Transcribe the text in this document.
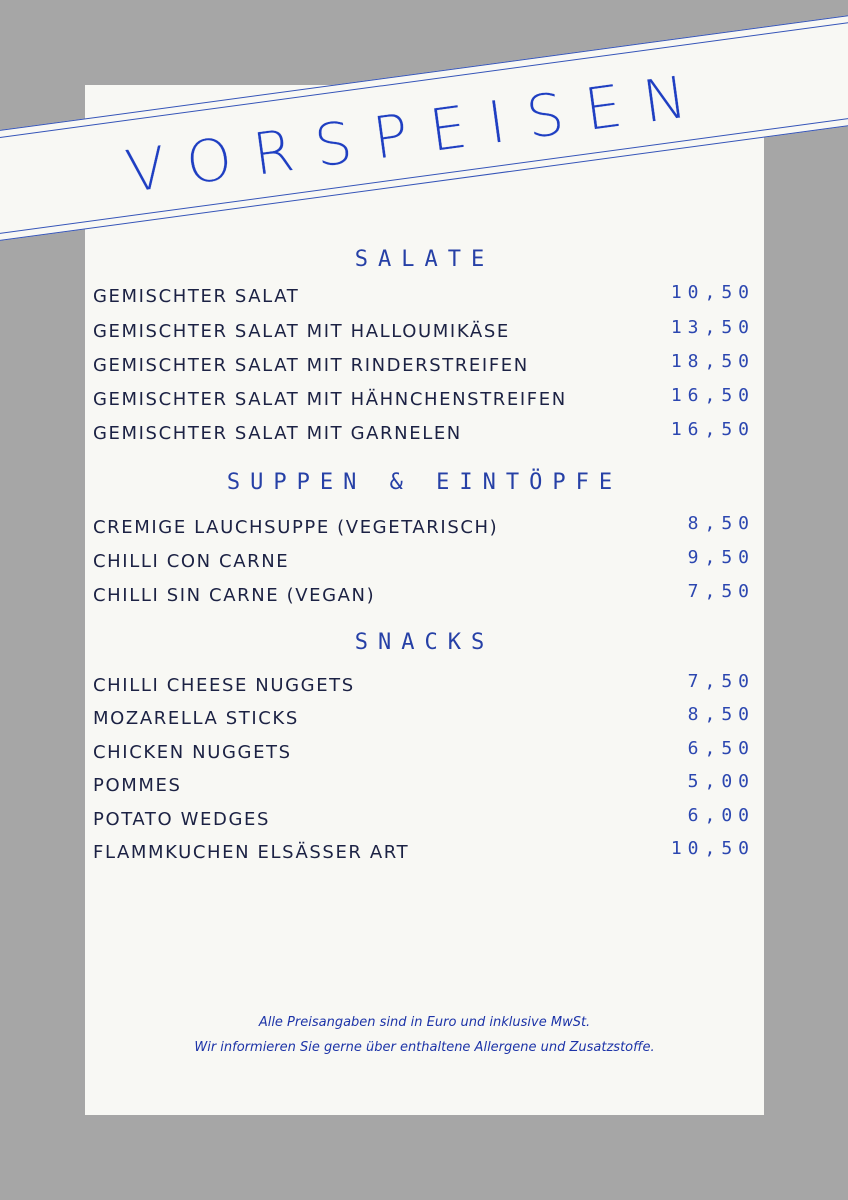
VORSPEISEN
SALATE
GEMISCHTER SALAT	10,50
GEMISCHTER SALAT MIT HALLOUMIKÄSE	13,50
GEMISCHTER SALAT MIT RINDERSTREIFEN	18,50
GEMISCHTER SALAT MIT HÄHNCHENSTREIFEN	16,50
GEMISCHTER SALAT MIT GARNELEN	16,50
SUPPEN & EINTÖPFE
CREMIGE LAUCHSUPPE (VEGETARISCH)	8,50
CHILLI CON CARNE	9,50
CHILLI SIN CARNE (VEGAN)	7,50
SNACKS
CHILLI CHEESE NUGGETS	7,50
MOZARELLA STICKS	8,50
CHICKEN NUGGETS	6,50
POMMES	5,00
POTATO WEDGES	6,00
FLAMMKUCHEN ELSÄSSER ART	10,50
Alle Preisangaben sind in Euro und inklusive MwSt.
Wir informieren Sie gerne über enthaltene Allergene und Zusatzstoffe.
